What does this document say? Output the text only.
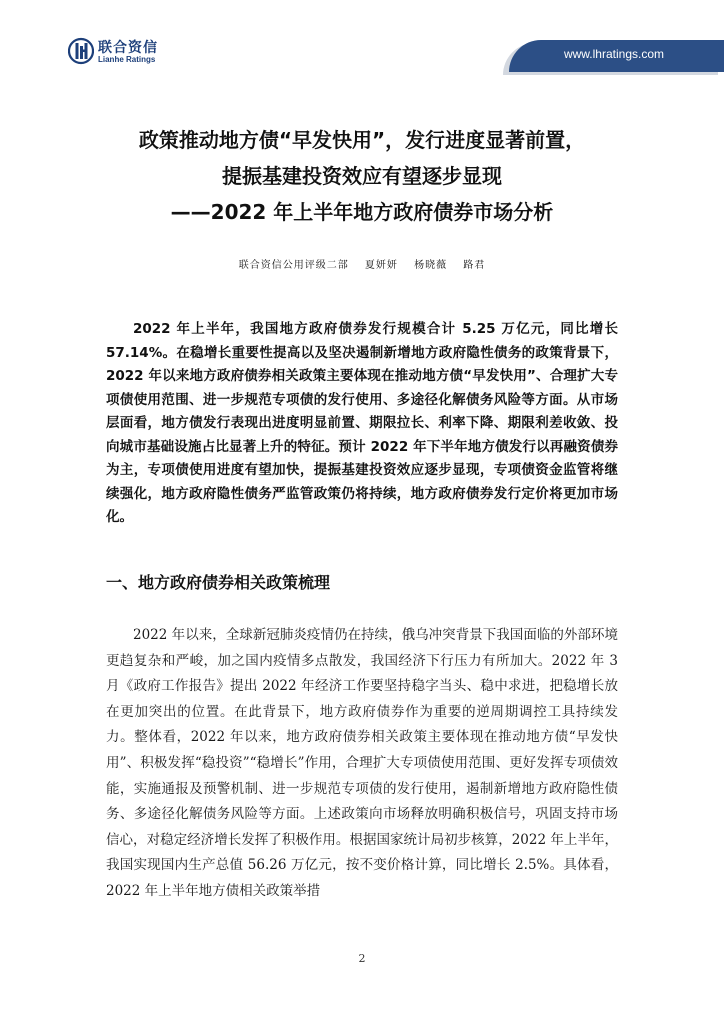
联合资信
Lianhe Ratings	www.lhratings.com
政策推动地方债“早发快用”，发行进度显著前置，
提振基建投资效应有望逐步显现
——2022 年上半年地方政府债券市场分析
联合资信公用评级二部 夏妍妍 杨晓薇 路君

2022 年上半年，我国地方政府债券发行规模合计 5.25 万亿元，同比增长 57.14%。在稳增长重要性提高以及坚决遏制新增地方政府隐性债务的政策背景下，2022 年以来地方政府债券相关政策主要体现在推动地方债“早发快用”、合理扩大专项债使用范围、进一步规范专项债的发行使用、多途径化解债务风险等方面。从市场层面看，地方债发行表现出进度明显前置、期限拉长、利率下降、期限利差收敛、投向城市基础设施占比显著上升的特征。预计 2022 年下半年地方债发行以再融资债券为主，专项债使用进度有望加快，提振基建投资效应逐步显现，专项债资金监管将继续强化，地方政府隐性债务严监管政策仍将持续，地方政府债券发行定价将更加市场化。

一、地方政府债券相关政策梳理

2022 年以来，全球新冠肺炎疫情仍在持续，俄乌冲突背景下我国面临的外部环境更趋复杂和严峻，加之国内疫情多点散发，我国经济下行压力有所加大。2022 年 3 月《政府工作报告》提出 2022 年经济工作要坚持稳字当头、稳中求进，把稳增长放在更加突出的位置。在此背景下，地方政府债券作为重要的逆周期调控工具持续发力。整体看，2022 年以来，地方政府债券相关政策主要体现在推动地方债“早发快用”、积极发挥“稳投资”“稳增长”作用，合理扩大专项债使用范围、更好发挥专项债效能，实施通报及预警机制、进一步规范专项债的发行使用，遏制新增地方政府隐性债务、多途径化解债务风险等方面。上述政策向市场释放明确积极信号，巩固支持市场信心，对稳定经济增长发挥了积极作用。根据国家统计局初步核算，2022 年上半年，我国实现国内生产总值 56.26 万亿元，按不变价格计算，同比增长 2.5%。具体看，2022 年上半年地方债相关政策举措

2
